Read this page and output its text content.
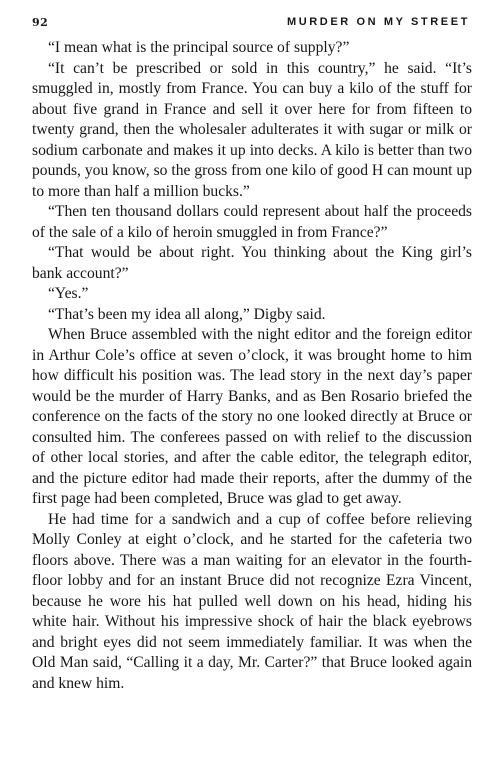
92	MURDER ON MY STREET

“I mean what is the principal source of supply?”

“It can’t be prescribed or sold in this country,” he said. “It’s smuggled in, mostly from France. You can buy a kilo of the stuff for about five grand in France and sell it over here for from fifteen to twenty grand, then the wholesaler adulterates it with sugar or milk or sodium carbonate and makes it up into decks. A kilo is better than two pounds, you know, so the gross from one kilo of good H can mount up to more than half a million bucks.”

“Then ten thousand dollars could represent about half the proceeds of the sale of a kilo of heroin smuggled in from France?”

“That would be about right. You thinking about the King girl’s bank account?”

“Yes.”

“That’s been my idea all along,” Digby said.

When Bruce assembled with the night editor and the foreign editor in Arthur Cole’s office at seven o’clock, it was brought home to him how difficult his position was. The lead story in the next day’s paper would be the murder of Harry Banks, and as Ben Rosario briefed the conference on the facts of the story no one looked directly at Bruce or consulted him. The conferees passed on with relief to the discussion of other local stories, and after the cable editor, the telegraph editor, and the picture editor had made their reports, after the dummy of the first page had been completed, Bruce was glad to get away.

He had time for a sandwich and a cup of coffee before relieving Molly Conley at eight o’clock, and he started for the cafeteria two floors above. There was a man waiting for an elevator in the fourth-floor lobby and for an instant Bruce did not recognize Ezra Vincent, because he wore his hat pulled well down on his head, hiding his white hair. Without his impressive shock of hair the black eyebrows and bright eyes did not seem immediately familiar. It was when the Old Man said, “Calling it a day, Mr. Carter?” that Bruce looked again and knew him.
